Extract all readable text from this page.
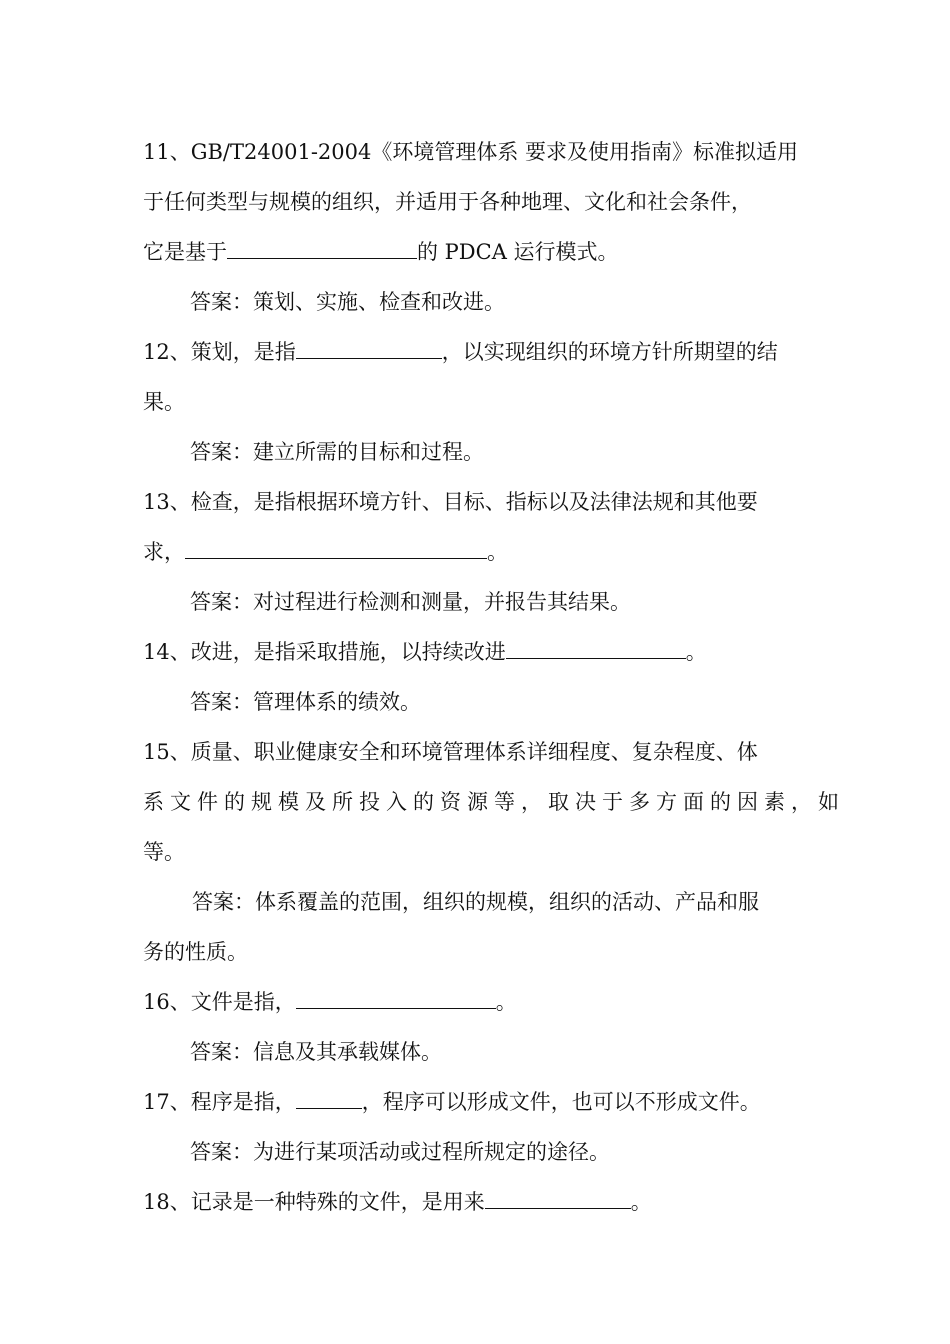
11、GB/T24001-2004《环境管理体系 要求及使用指南》标准拟适用
于任何类型与规模的组织，并适用于各种地理、文化和社会条件，
它是基于	的 PDCA 运行模式。
答案：策划、实施、检查和改进。
12、策划，是指	，以实现组织的环境方针所期望的结
果。
答案：建立所需的目标和过程。
13、检查，是指根据环境方针、目标、指标以及法律法规和其他要
求，	。
答案：对过程进行检测和测量，并报告其结果。
14、改进，是指采取措施，以持续改进	。
答案：管理体系的绩效。
15、质量、职业健康安全和环境管理体系详细程度、复杂程度、体
系文件的规模及所投入的资源等，取决于多方面的因素，如
等。
答案：体系覆盖的范围，组织的规模，组织的活动、产品和服
务的性质。
16、文件是指，	。
答案：信息及其承载媒体。
17、程序是指，	，程序可以形成文件，也可以不形成文件。
答案：为进行某项活动或过程所规定的途径。
18、记录是一种特殊的文件，是用来	。
